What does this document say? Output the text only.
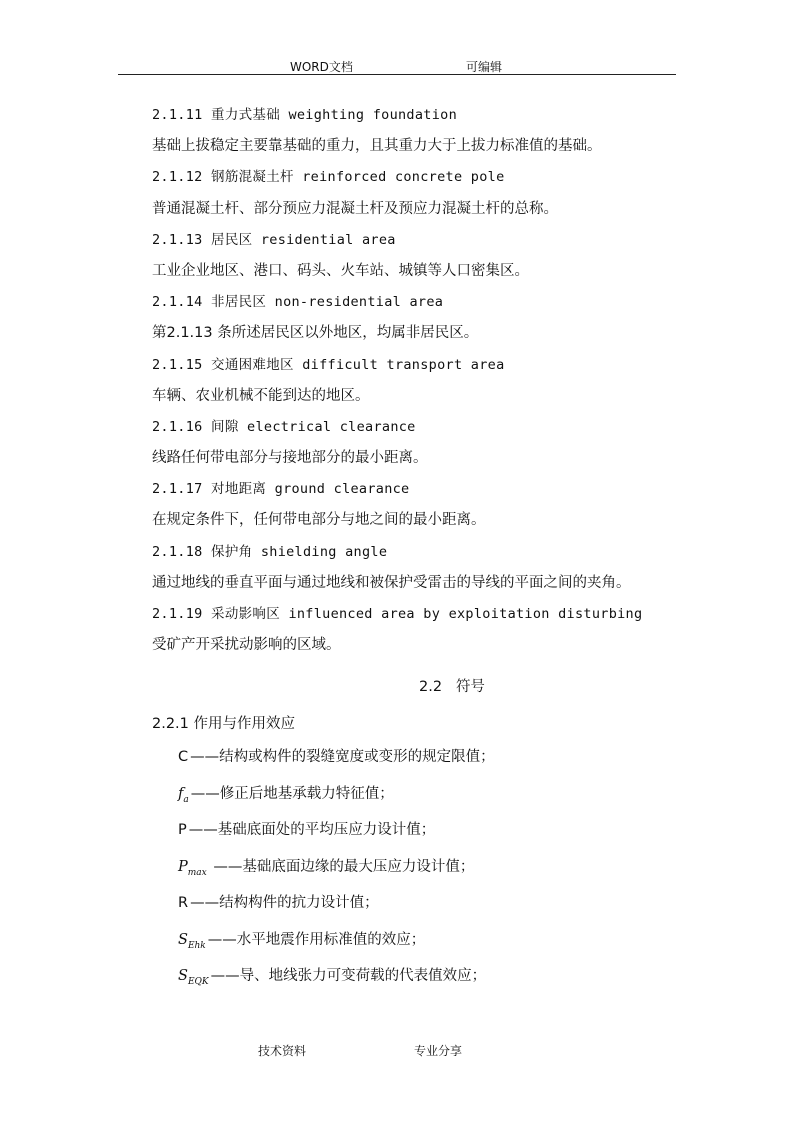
WORD文档	可编辑
2.1.11 重力式基础 weighting foundation
基础上拔稳定主要靠基础的重力，且其重力大于上拔力标准值的基础。
2.1.12 钢筋混凝土杆 reinforced concrete pole
普通混凝土杆、部分预应力混凝土杆及预应力混凝土杆的总称。
2.1.13 居民区 residential area
工业企业地区、港口、码头、火车站、城镇等人口密集区。
2.1.14 非居民区 non-residential area
第2.1.13 条所述居民区以外地区，均属非居民区。
2.1.15 交通困难地区 difficult transport area
车辆、农业机械不能到达的地区。
2.1.16 间隙 electrical clearance
线路任何带电部分与接地部分的最小距离。
2.1.17 对地距离 ground clearance
在规定条件下，任何带电部分与地之间的最小距离。
2.1.18 保护角 shielding angle
通过地线的垂直平面与通过地线和被保护受雷击的导线的平面之间的夹角。
2.1.19 采动影响区 influenced area by exploitation disturbing
受矿产开采扰动影响的区域。
2.2 符号
2.2.1 作用与作用效应
C ——结构或构件的裂缝宽度或变形的规定限值；
$f_a$ ——修正后地基承载力特征值；
P ——基础底面处的平均压应力设计值；
$P_{max}$ ——基础底面边缘的最大压应力设计值；
R ——结构构件的抗力设计值；
$S_{Ehk}$ ——水平地震作用标准值的效应；
$S_{EQK}$ ——导、地线张力可变荷载的代表值效应；
技术资料	专业分享
